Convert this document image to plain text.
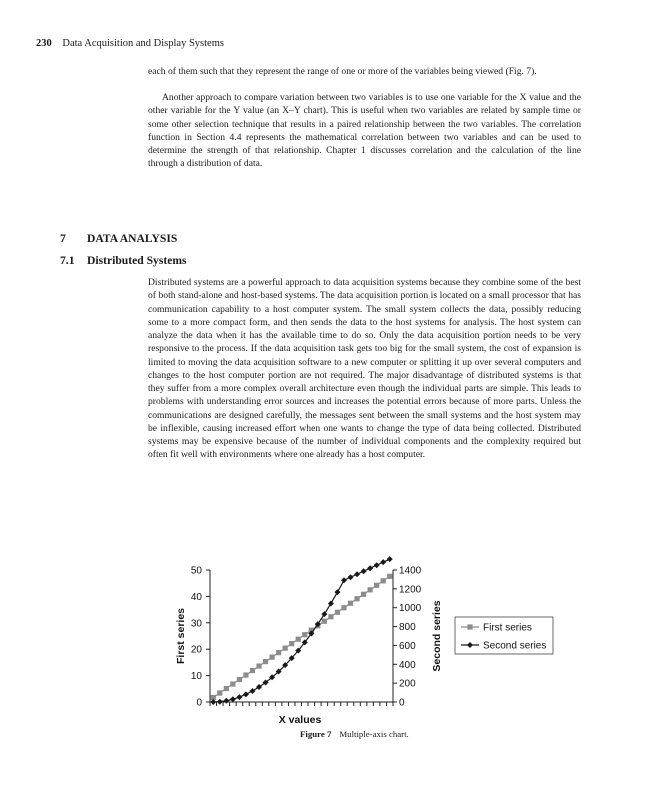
230 Data Acquisition and Display Systems

each of them such that they represent the range of one or more of the variables being viewed (Fig. 7).

Another approach to compare variation between two variables is to use one variable for the X value and the other variable for the Y value (an X–Y chart). This is useful when two variables are related by sample time or some other selection technique that results in a paired relationship between the two variables. The correlation function in Section 4.4 represents the mathematical correlation between two variables and can be used to determine the strength of that relationship. Chapter 1 discusses correlation and the calculation of the line through a distribution of data.

7 DATA ANALYSIS
7.1 Distributed Systems

Distributed systems are a powerful approach to data acquisition systems because they combine some of the best of both stand-alone and host-based systems. The data acquisition portion is located on a small processor that has communication capability to a host computer system. The small system collects the data, possibly reducing some to a more compact form, and then sends the data to the host systems for analysis. The host system can analyze the data when it has the available time to do so. Only the data acquisition portion needs to be very responsive to the process. If the data acquisition task gets too big for the small system, the cost of expansion is limited to moving the data acquisition software to a new computer or splitting it up over several computers and changes to the host computer portion are not required. The major disadvantage of distributed systems is that they suffer from a more complex overall architecture even though the individual parts are simple. This leads to problems with understanding error sources and increases the potential errors because of more parts. Unless the communications are designed carefully, the messages sent between the small systems and the host system may be inflexible, causing increased effort when one wants to change the type of data being collected. Distributed systems may be expensive because of the number of individual components and the complexity required but often fit well with environments where one already has a host computer.

0
10
20
30
40
50
0
200
400
600
800
1000
1200
1400
First series	Second series
X values
First series
Second series
Figure 7 Multiple-axis chart.
